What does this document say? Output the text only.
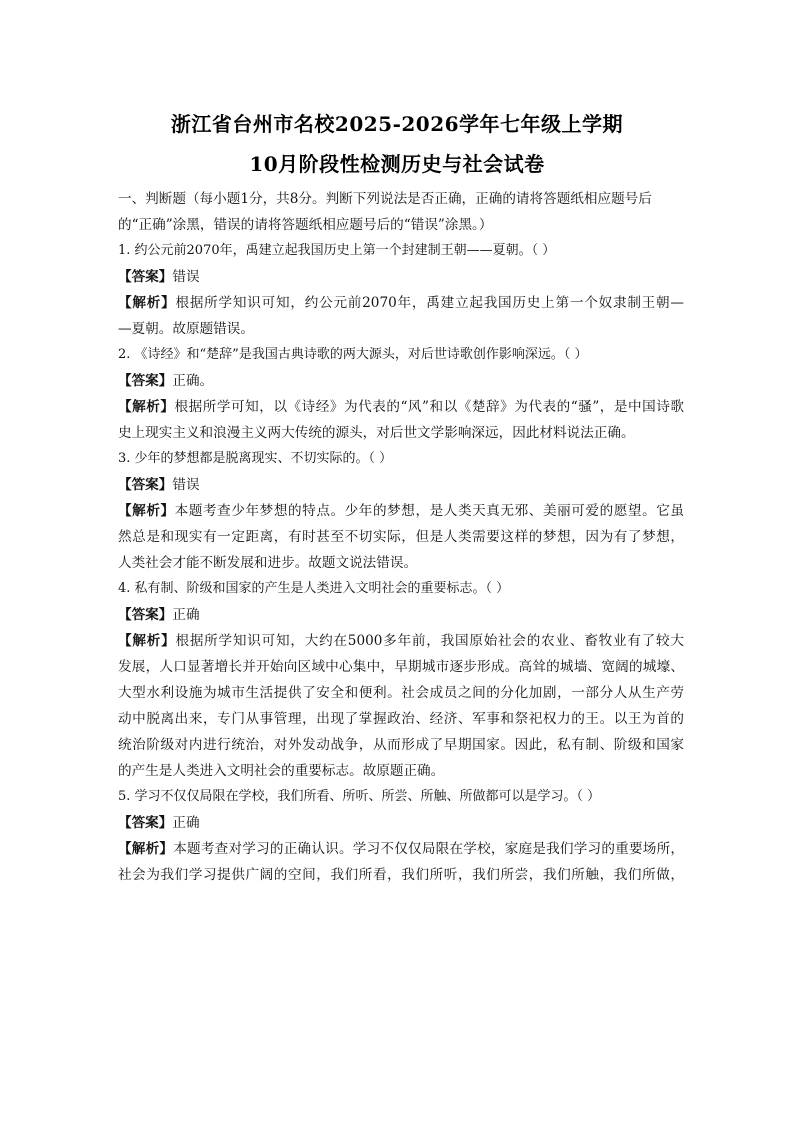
浙江省台州市名校2025-2026学年七年级上学期
10月阶段性检测历史与社会试卷
一、判断题（每小题1分，共8分。判断下列说法是否正确，正确的请将答题纸相应题号后
的“正确”涂黑，错误的请将答题纸相应题号后的“错误”涂黑。）
1. 约公元前2070年，禹建立起我国历史上第一个封建制王朝——夏朝。（ ）
【答案】错误
【解析】根据所学知识可知，约公元前2070年，禹建立起我国历史上第一个奴隶制王朝—
—夏朝。故原题错误。
2. 《诗经》和“楚辞”是我国古典诗歌的两大源头，对后世诗歌创作影响深远。（ ）
【答案】正确。
【解析】根据所学可知，以《诗经》为代表的“风”和以《楚辞》为代表的“骚”，是中国诗歌
史上现实主义和浪漫主义两大传统的源头，对后世文学影响深远，因此材料说法正确。
3. 少年的梦想都是脱离现实、不切实际的。（ ）
【答案】错误
【解析】本题考查少年梦想的特点。少年的梦想，是人类天真无邪、美丽可爱的愿望。它虽
然总是和现实有一定距离，有时甚至不切实际，但是人类需要这样的梦想，因为有了梦想，
人类社会才能不断发展和进步。故题文说法错误。
4. 私有制、阶级和国家的产生是人类进入文明社会的重要标志。（ ）
【答案】正确
【解析】根据所学知识可知，大约在5000多年前，我国原始社会的农业、畜牧业有了较大
发展，人口显著增长并开始向区域中心集中，早期城市逐步形成。高耸的城墙、宽阔的城壕、
大型水利设施为城市生活提供了安全和便利。社会成员之间的分化加剧，一部分人从生产劳
动中脱离出来，专门从事管理，出现了掌握政治、经济、军事和祭祀权力的王。以王为首的
统治阶级对内进行统治，对外发动战争，从而形成了早期国家。因此，私有制、阶级和国家
的产生是人类进入文明社会的重要标志。故原题正确。
5. 学习不仅仅局限在学校，我们所看、所听、所尝、所触、所做都可以是学习。（ ）
【答案】正确
【解析】本题考查对学习的正确认识。学习不仅仅局限在学校，家庭是我们学习的重要场所，
社会为我们学习提供广阔的空间，我们所看，我们所听，我们所尝，我们所触，我们所做，
